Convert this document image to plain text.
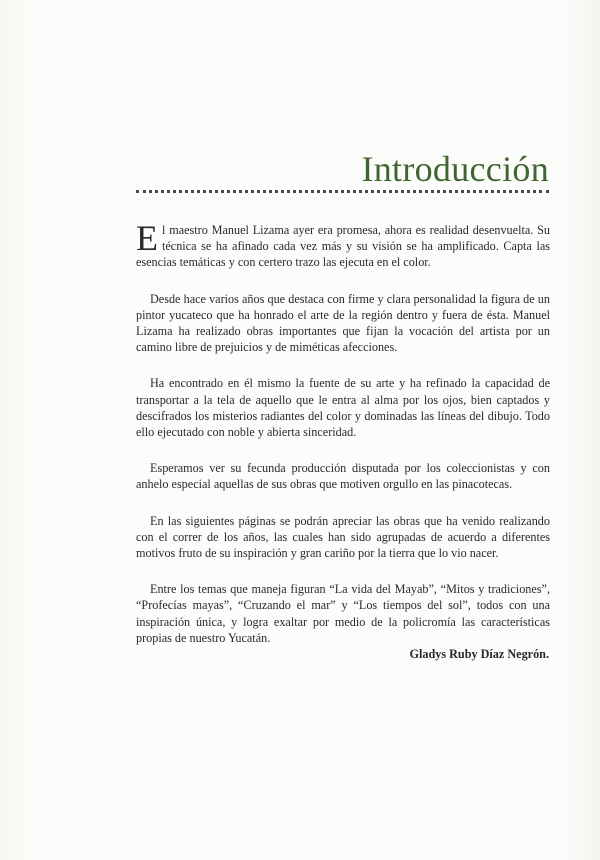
Introducción

El maestro Manuel Lizama ayer era promesa, ahora es realidad desenvuelta. Su técnica se ha afinado cada vez más y su visión se ha amplificado. Capta las esencias temáticas y con certero trazo las ejecuta en el color.

Desde hace varios años que destaca con firme y clara personalidad la figura de un pintor yucateco que ha honrado el arte de la región dentro y fuera de ésta. Manuel Lizama ha realizado obras importantes que fijan la vocación del artista por un camino libre de prejuicios y de miméticas afecciones.

Ha encontrado en él mismo la fuente de su arte y ha refinado la capacidad de transportar a la tela de aquello que le entra al alma por los ojos, bien captados y descifrados los misterios radiantes del color y dominadas las líneas del dibujo. Todo ello ejecutado con noble y abierta sinceridad.

Esperamos ver su fecunda producción disputada por los coleccionistas y con anhelo especial aquellas de sus obras que motiven orgullo en las pinacotecas.

En las siguientes páginas se podrán apreciar las obras que ha venido realizando con el correr de los años, las cuales han sido agrupadas de acuerdo a diferentes motivos fruto de su inspiración y gran cariño por la tierra que lo vio nacer.

Entre los temas que maneja figuran “La vida del Mayab”, “Mitos y tradiciones”, “Profecías mayas”, “Cruzando el mar” y “Los tiempos del sol”, todos con una inspiración única, y logra exaltar por medio de la policromía las características propias de nuestro Yucatán.

Gladys Ruby Díaz Negrón.
